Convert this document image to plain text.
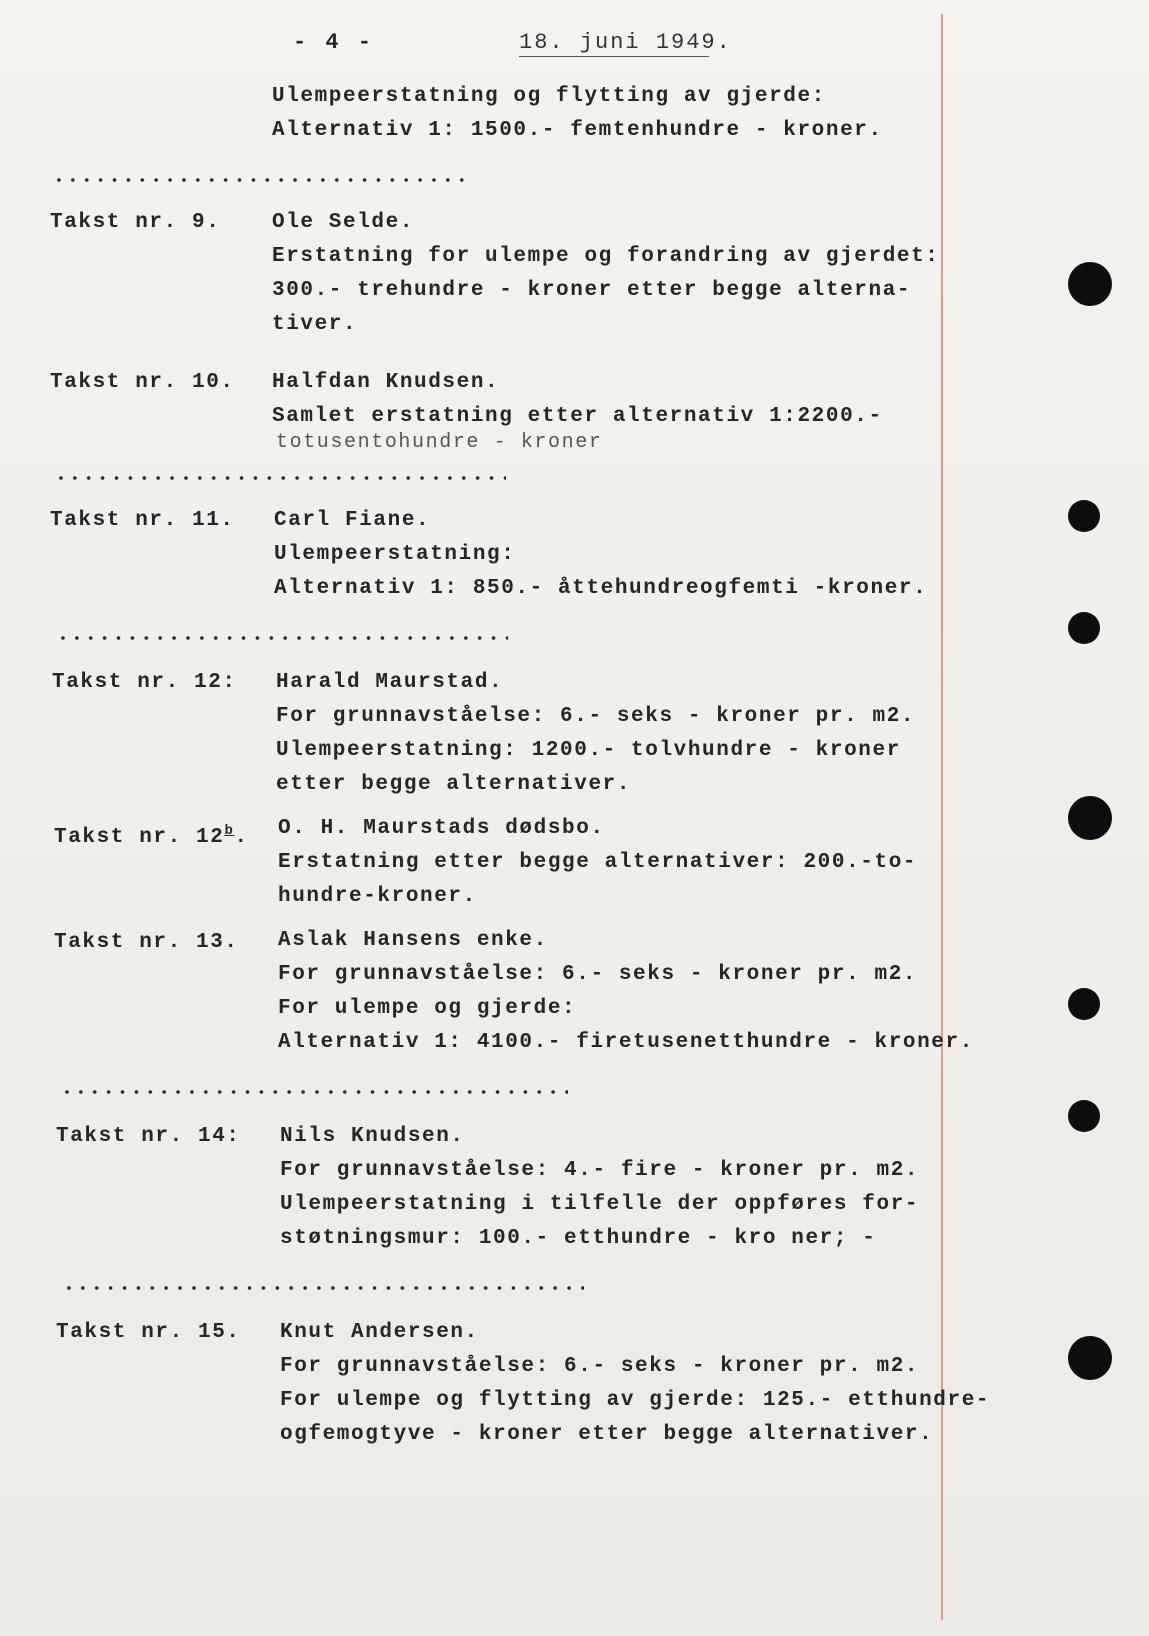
- 4 -	18. juni 1949.
Ulempeerstatning og flytting av gjerde:
Alternativ 1: 1500.- femtenhundre - kroner.
Takst nr. 9. Ole Selde.
Erstatning for ulempe og forandring av gjerdet:
300.- trehundre - kroner etter begge alterna-
tiver.
Takst nr. 10. Halfdan Knudsen.
Samlet erstatning etter alternativ 1:2200.-
totusentohundre - kroner
Takst nr. 11. Carl Fiane.
Ulempeerstatning:
Alternativ 1: 850.- åttehundreogfemti -kroner.
Takst nr. 12: Harald Maurstad.
For grunnavståelse: 6.- seks - kroner pr. m2.
Ulempeerstatning: 1200.- tolvhundre - kroner
etter begge alternativer.
Takst nr. 12$^b$. O. H. Maurstads dødsbo.
Erstatning etter begge alternativer: 200.-to-
hundre-kroner.
Takst nr. 13. Aslak Hansens enke.
For grunnavståelse: 6.- seks - kroner pr. m2.
For ulempe og gjerde:
Alternativ 1: 4100.- firetusenetthundre - kroner.
Takst nr. 14: Nils Knudsen.
For grunnavståelse: 4.- fire - kroner pr. m2.
Ulempeerstatning i tilfelle der oppføres for-
støtningsmur: 100.- etthundre - kro ner; -
Takst nr. 15. Knut Andersen.
For grunnavståelse: 6.- seks - kroner pr. m2.
For ulempe og flytting av gjerde: 125.- etthundre-
ogfemogtyve - kroner etter begge alternativer.
